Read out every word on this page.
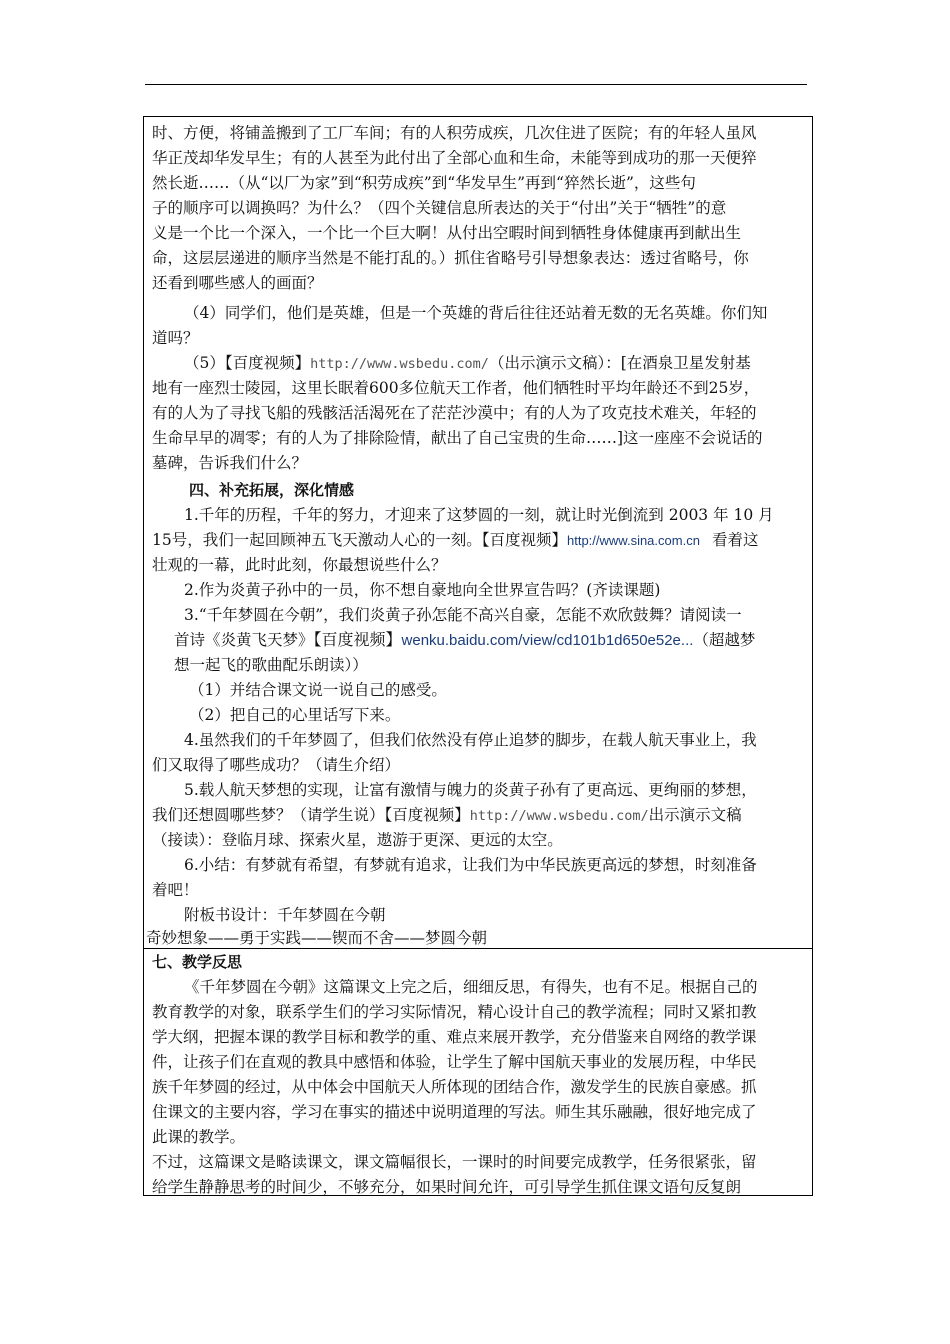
时、方便，将铺盖搬到了工厂车间；有的人积劳成疾，几次住进了医院；有的年轻人虽风
华正茂却华发早生；有的人甚至为此付出了全部心血和生命，未能等到成功的那一天便猝
然长逝……（从“以厂为家”到“积劳成疾”到“华发早生”再到“猝然长逝”，这些句
子的顺序可以调换吗？为什么？（四个关键信息所表达的关于“付出”关于“牺牲”的意
义是一个比一个深入，一个比一个巨大啊！从付出空暇时间到牺牲身体健康再到献出生
命，这层层递进的顺序当然是不能打乱的。）抓住省略号引导想象表达：透过省略号，你
还看到哪些感人的画面？
（4）同学们，他们是英雄，但是一个英雄的背后往往还站着无数的无名英雄。你们知
道吗？
（5）【百度视频】http://www.wsbedu.com/（出示演示文稿）：[在酒泉卫星发射基
地有一座烈士陵园，这里长眠着600多位航天工作者，他们牺牲时平均年龄还不到25岁，
有的人为了寻找飞船的残骸活活渴死在了茫茫沙漠中；有的人为了攻克技术难关，年轻的
生命早早的凋零；有的人为了排除险情，献出了自己宝贵的生命……]这一座座不会说话的
墓碑，告诉我们什么？
四、补充拓展，深化情感
1.千年的历程，千年的努力，才迎来了这梦圆的一刻，就让时光倒流到 2003 年 10 月
15号，我们一起回顾神五飞天激动人心的一刻。【百度视频】http://www.sina.com.cn 看着这
壮观的一幕，此时此刻，你最想说些什么？
2.作为炎黄子孙中的一员，你不想自豪地向全世界宣告吗？(齐读课题)
3.“千年梦圆在今朝”，我们炎黄子孙怎能不高兴自豪，怎能不欢欣鼓舞？请阅读一
首诗《炎黄飞天梦》【百度视频】wenku.baidu.com/view/cd101b1d650e52e...（超越梦
想一起飞的歌曲配乐朗读））
（1）并结合课文说一说自己的感受。
（2）把自己的心里话写下来。
4.虽然我们的千年梦圆了，但我们依然没有停止追梦的脚步，在载人航天事业上，我
们又取得了哪些成功？（请生介绍）
5.载人航天梦想的实现，让富有激情与魄力的炎黄子孙有了更高远、更绚丽的梦想，
我们还想圆哪些梦？（请学生说）【百度视频】http://www.wsbedu.com/出示演示文稿
（接读）：登临月球、探索火星，遨游于更深、更远的太空。
6.小结：有梦就有希望，有梦就有追求，让我们为中华民族更高远的梦想，时刻准备
着吧！
附板书设计：千年梦圆在今朝
奇妙想象——勇于实践——锲而不舍——梦圆今朝
七、教学反思
《千年梦圆在今朝》这篇课文上完之后，细细反思，有得失，也有不足。根据自己的
教育教学的对象，联系学生们的学习实际情况，精心设计自己的教学流程；同时又紧扣教
学大纲，把握本课的教学目标和教学的重、难点来展开教学，充分借鉴来自网络的教学课
件，让孩子们在直观的教具中感悟和体验，让学生了解中国航天事业的发展历程，中华民
族千年梦圆的经过，从中体会中国航天人所体现的团结合作，激发学生的民族自豪感。抓
住课文的主要内容，学习在事实的描述中说明道理的写法。师生其乐融融，很好地完成了
此课的教学。
不过，这篇课文是略读课文，课文篇幅很长，一课时的时间要完成教学，任务很紧张，留
给学生静静思考的时间少，不够充分，如果时间允许，可引导学生抓住课文语句反复朗
